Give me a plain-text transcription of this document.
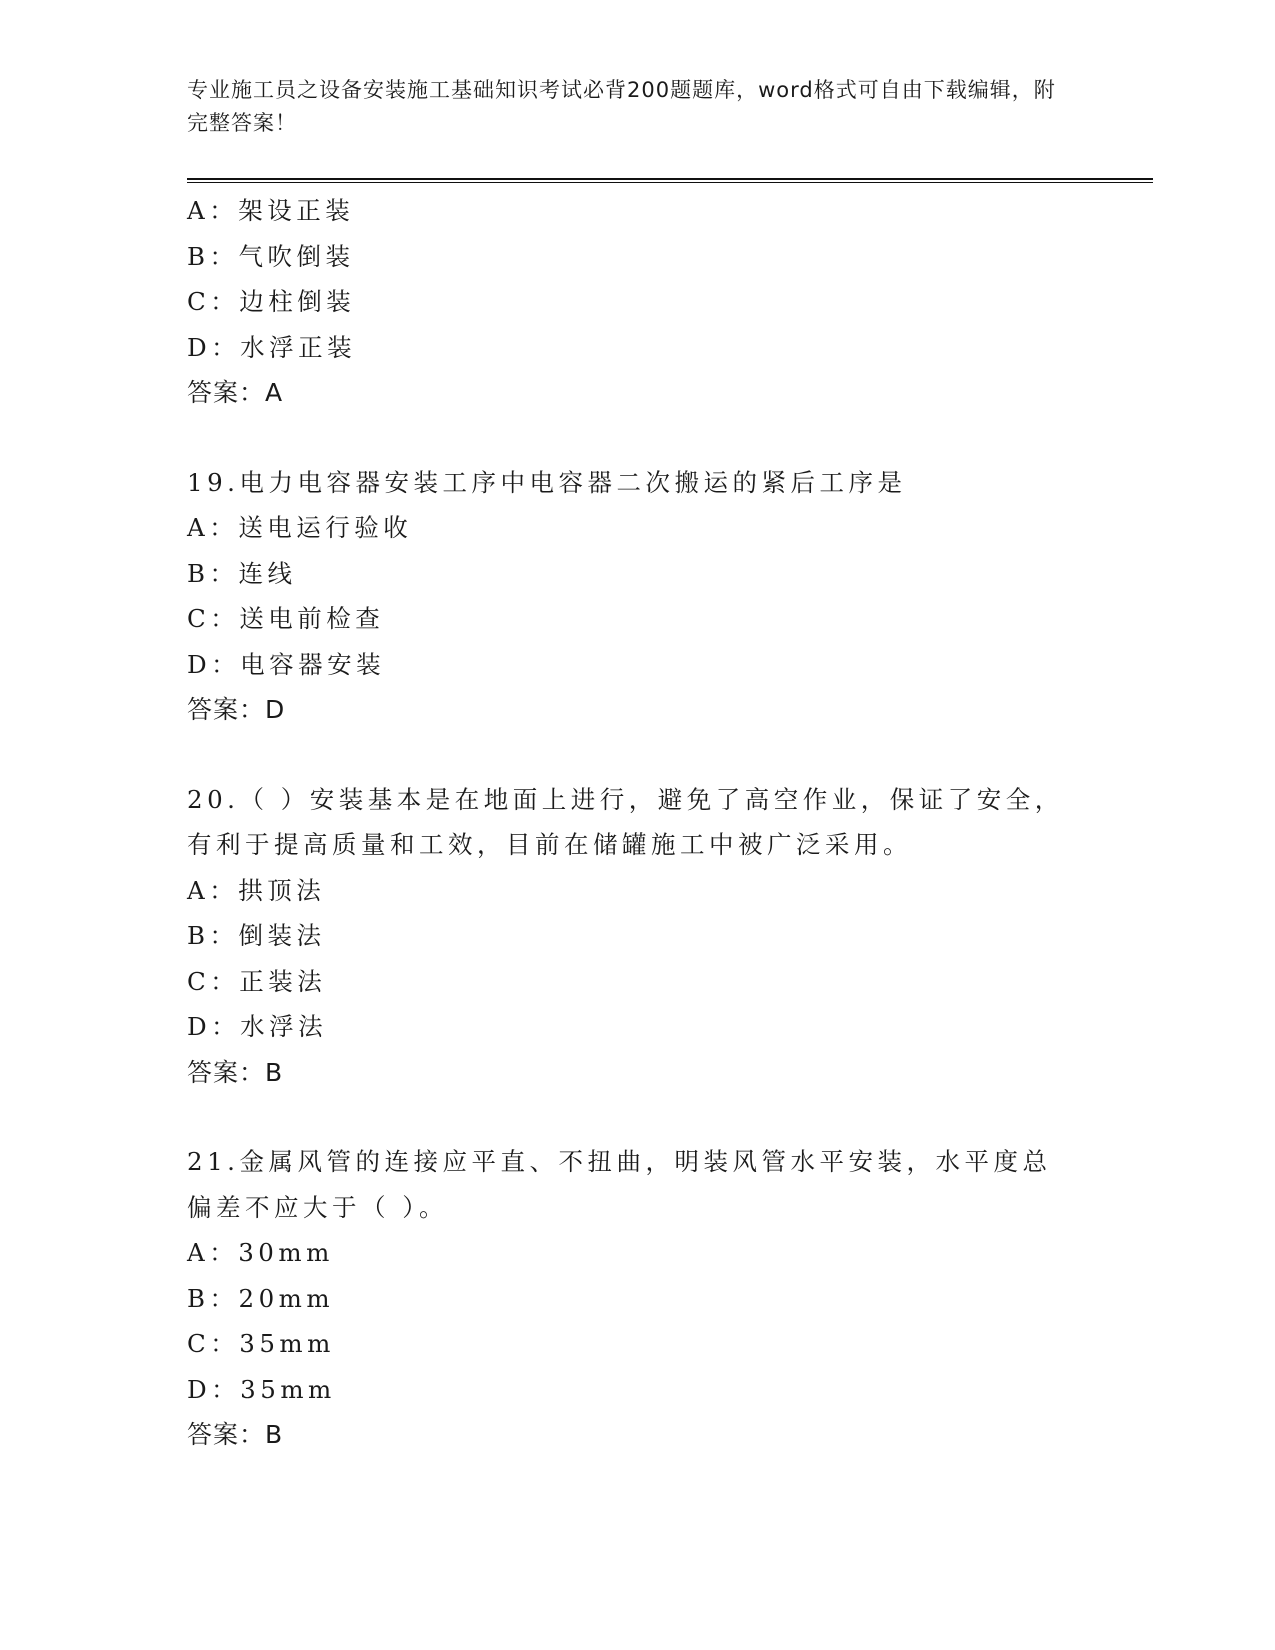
专业施工员之设备安装施工基础知识考试必背200题题库，word格式可自由下载编辑，附完整答案！
A：架设正装
B：气吹倒装
C：边柱倒装
D：水浮正装
答案：A
19.电力电容器安装工序中电容器二次搬运的紧后工序是
A：送电运行验收
B：连线
C：送电前检查
D：电容器安装
答案：D
20.（ ）安装基本是在地面上进行，避免了高空作业，保证了安全，有利于提高质量和工效，目前在储罐施工中被广泛采用。
A：拱顶法
B：倒装法
C：正装法
D：水浮法
答案：B
21.金属风管的连接应平直、不扭曲，明装风管水平安装，水平度总偏差不应大于（ ）。
A：30mm
B：20mm
C：35mm
D：35mm
答案：B
